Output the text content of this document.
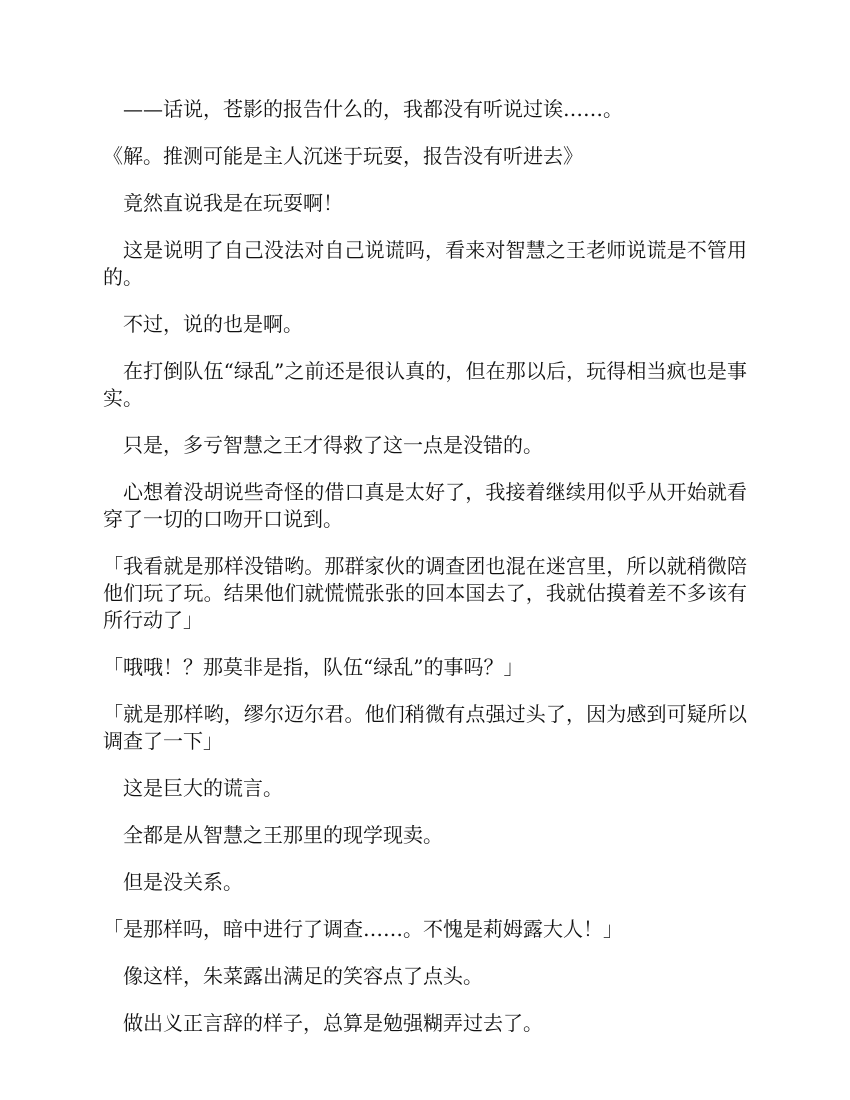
——话说，苍影的报告什么的，我都没有听说过诶……。

《解。推测可能是主人沉迷于玩耍，报告没有听进去》

竟然直说我是在玩耍啊！

这是说明了自己没法对自己说谎吗，看来对智慧之王老师说谎是不管用的。

不过，说的也是啊。

在打倒队伍“绿乱”之前还是很认真的，但在那以后，玩得相当疯也是事实。

只是，多亏智慧之王才得救了这一点是没错的。

心想着没胡说些奇怪的借口真是太好了，我接着继续用似乎从开始就看穿了一切的口吻开口说到。

「我看就是那样没错哟。那群家伙的调查团也混在迷宫里，所以就稍微陪他们玩了玩。结果他们就慌慌张张的回本国去了，我就估摸着差不多该有所行动了」

「哦哦！？那莫非是指，队伍“绿乱”的事吗？」

「就是那样哟，缪尔迈尔君。他们稍微有点强过头了，因为感到可疑所以调查了一下」

这是巨大的谎言。

全都是从智慧之王那里的现学现卖。

但是没关系。

「是那样吗，暗中进行了调查……。不愧是莉姆露大人！」

像这样，朱菜露出满足的笑容点了点头。

做出义正言辞的样子，总算是勉强糊弄过去了。
